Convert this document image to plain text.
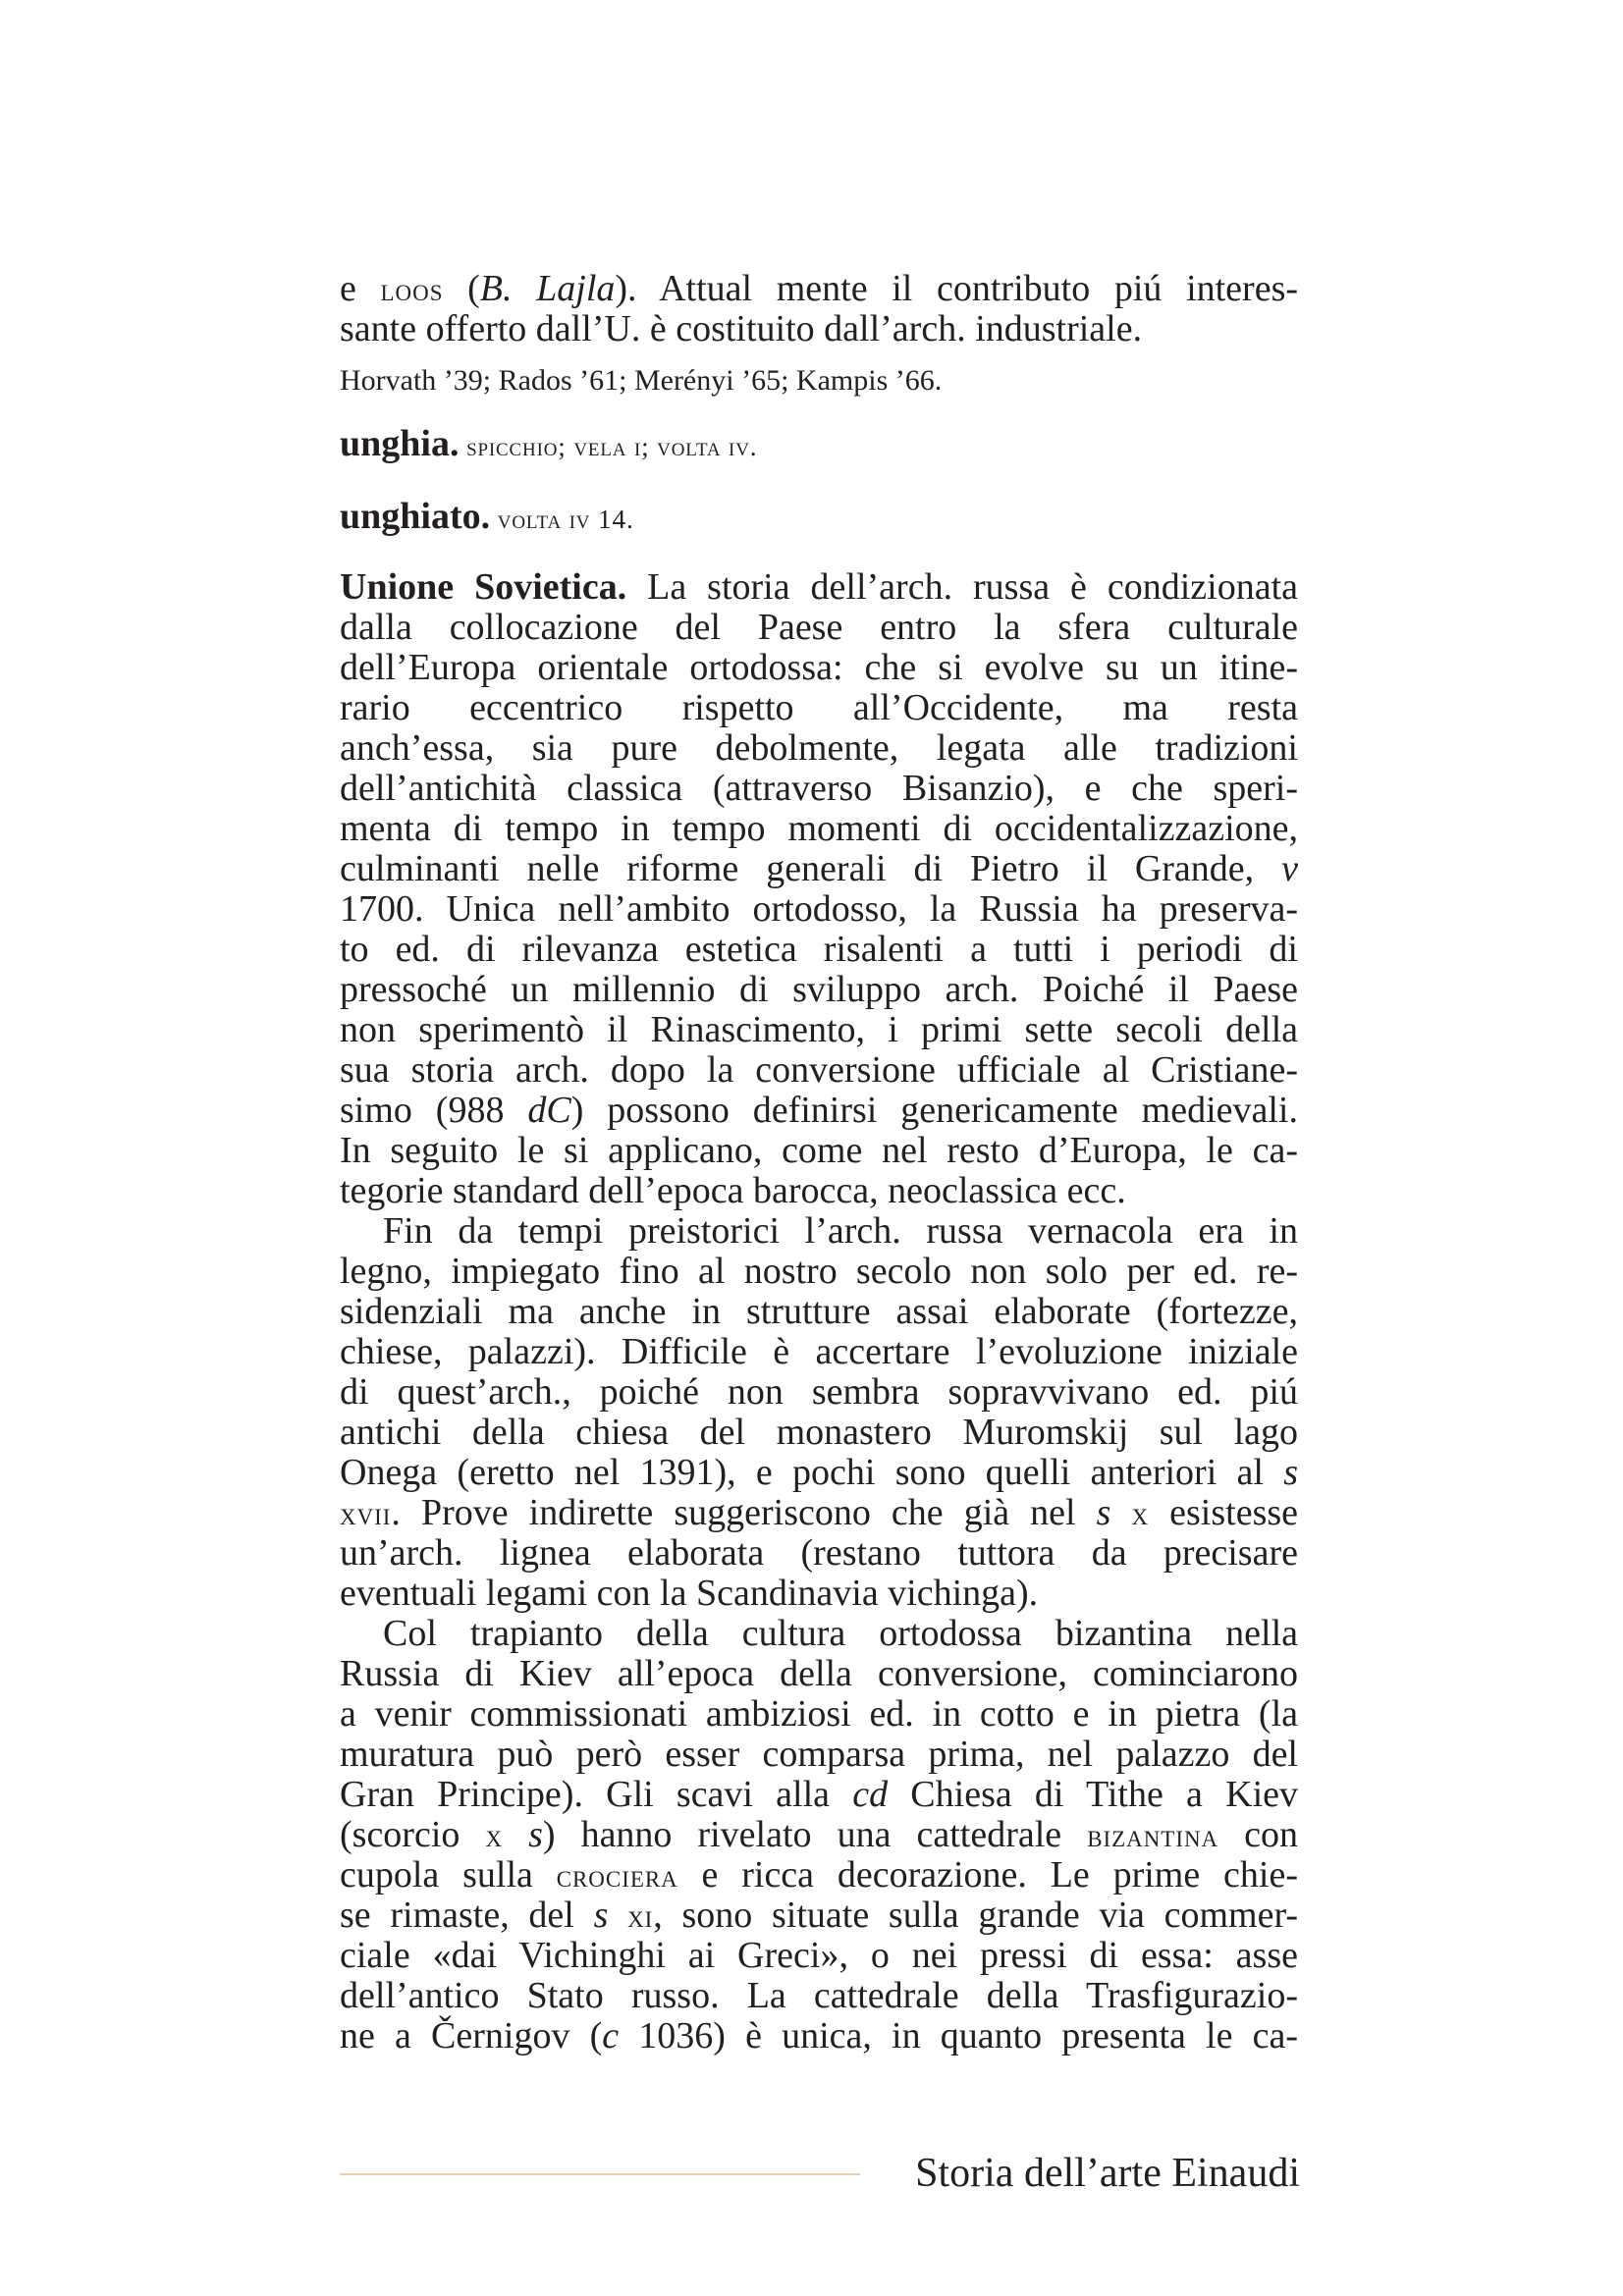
e loos (B. Lajla). Attual mente il contributo piú interes-
sante offerto dall’U. è costituito dall’arch. industriale.
Horvath ’39; Rados ’61; Merényi ’65; Kampis ’66.
unghia. spicchio; vela i; volta iv.
unghiato. volta iv 14.
Unione Sovietica. La storia dell’arch. russa è condizionata
dalla collocazione del Paese entro la sfera culturale
dell’Europa orientale ortodossa: che si evolve su un itine-
rario eccentrico rispetto all’Occidente, ma resta
anch’essa, sia pure debolmente, legata alle tradizioni
dell’antichità classica (attraverso Bisanzio), e che speri-
menta di tempo in tempo momenti di occidentalizzazione,
culminanti nelle riforme generali di Pietro il Grande, v
1700. Unica nell’ambito ortodosso, la Russia ha preserva-
to ed. di rilevanza estetica risalenti a tutti i periodi di
pressoché un millennio di sviluppo arch. Poiché il Paese
non sperimentò il Rinascimento, i primi sette secoli della
sua storia arch. dopo la conversione ufficiale al Cristiane-
simo (988 dC) possono definirsi genericamente medievali.
In seguito le si applicano, come nel resto d’Europa, le ca-
tegorie standard dell’epoca barocca, neoclassica ecc.
Fin da tempi preistorici l’arch. russa vernacola era in
legno, impiegato fino al nostro secolo non solo per ed. re-
sidenziali ma anche in strutture assai elaborate (fortezze,
chiese, palazzi). Difficile è accertare l’evoluzione iniziale
di quest’arch., poiché non sembra sopravvivano ed. piú
antichi della chiesa del monastero Muromskij sul lago
Onega (eretto nel 1391), e pochi sono quelli anteriori al s
xvii. Prove indirette suggeriscono che già nel s x esistesse
un’arch. lignea elaborata (restano tuttora da precisare
eventuali legami con la Scandinavia vichinga).
Col trapianto della cultura ortodossa bizantina nella
Russia di Kiev all’epoca della conversione, cominciarono
a venir commissionati ambiziosi ed. in cotto e in pietra (la
muratura può però esser comparsa prima, nel palazzo del
Gran Principe). Gli scavi alla cd Chiesa di Tithe a Kiev
(scorcio x s) hanno rivelato una cattedrale bizantina con
cupola sulla crociera e ricca decorazione. Le prime chie-
se rimaste, del s xi, sono situate sulla grande via commer-
ciale «dai Vichinghi ai Greci», o nei pressi di essa: asse
dell’antico Stato russo. La cattedrale della Trasfigurazio-
ne a Černigov (c 1036) è unica, in quanto presenta le ca-
Storia dell’arte Einaudi
